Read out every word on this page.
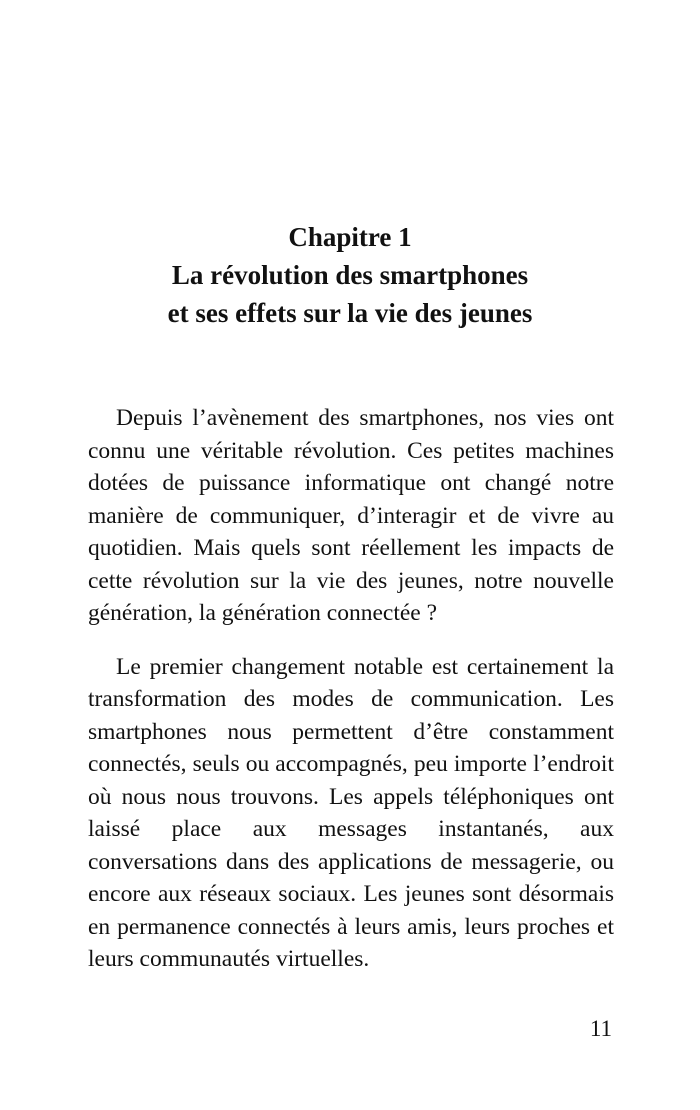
Chapitre 1
La révolution des smartphones
et ses effets sur la vie des jeunes

Depuis l’avènement des smartphones, nos vies ont connu une véritable révolution. Ces petites machines dotées de puissance informatique ont changé notre manière de communiquer, d’interagir et de vivre au quotidien. Mais quels sont réellement les impacts de cette révolution sur la vie des jeunes, notre nouvelle génération, la génération connectée ?

Le premier changement notable est certainement la transformation des modes de communication. Les smartphones nous permettent d’être constamment connectés, seuls ou accompagnés, peu importe l’endroit où nous nous trouvons. Les appels téléphoniques ont laissé place aux messages instantanés, aux conversations dans des applications de messagerie, ou encore aux réseaux sociaux. Les jeunes sont désormais en permanence connectés à leurs amis, leurs proches et leurs communautés virtuelles.

11
